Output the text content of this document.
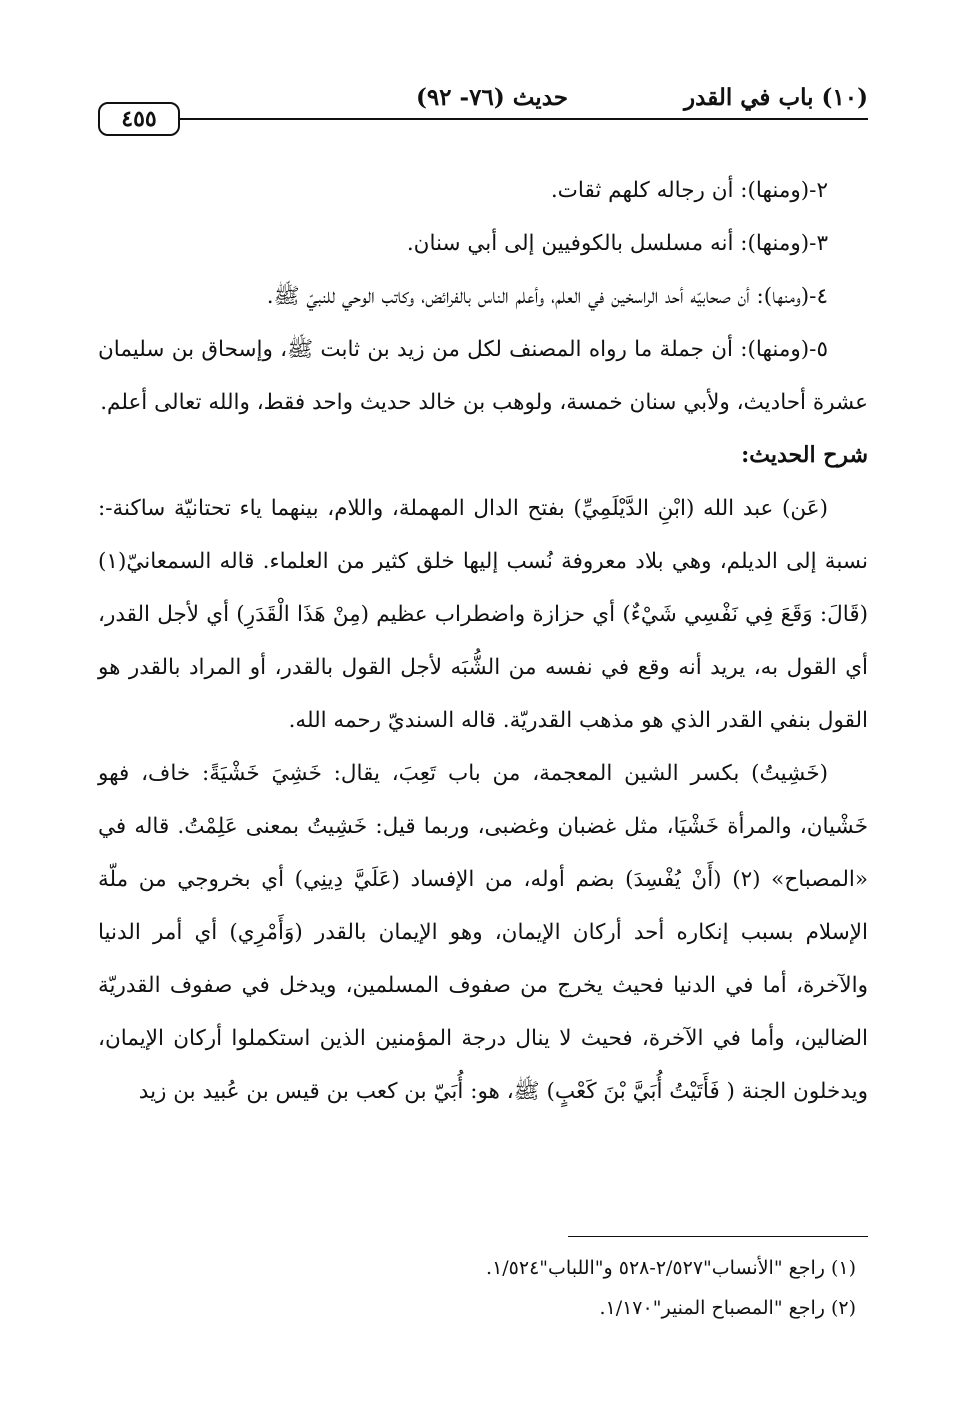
(١٠) باب في القدر
حديث (٧٦- ٩٢)
٤٥٥

٢-(ومنها): أن رجاله كلهم ثقات.

٣-(ومنها): أنه مسلسل بالكوفيين إلى أبي سنان.

٤-(ومنها): أن صحابيّه أحد الراسخين في العلم، وأعلم الناس بالفرائض، وكاتب الوحي للنبيّ ﷺ.

٥-(ومنها): أن جملة ما رواه المصنف لكل من زيد بن ثابت ﷺ، وإسحاق بن سليمان عشرة أحاديث، ولأبي سنان خمسة، ولوهب بن خالد حديث واحد فقط، والله تعالى أعلم.

شرح الحديث:

(عَن) عبد الله (ابْنِ الدَّيْلَمِيِّ) بفتح الدال المهملة، واللام، بينهما ياء تحتانيّة ساكنة-: نسبة إلى الديلم، وهي بلاد معروفة نُسب إليها خلق كثير من العلماء. قاله السمعانيّ(١) (قَالَ: وَقَعَ فِي نَفْسِي شَيْءٌ) أي حزازة واضطراب عظيم (مِنْ هَذَا الْقَدَرِ) أي لأجل القدر، أي القول به، يريد أنه وقع في نفسه من الشُّبَه لأجل القول بالقدر، أو المراد بالقدر هو القول بنفي القدر الذي هو مذهب القدريّة. قاله السنديّ رحمه الله.

(خَشِيتُ) بكسر الشين المعجمة، من باب تَعِبَ، يقال: خَشِيَ خَشْيَةً: خاف، فهو خَشْيان، والمرأة خَشْيَا، مثل غضبان وغضبى، وربما قيل: خَشِيتُ بمعنى عَلِمْتُ. قاله في «المصباح» (٢) (أَنْ يُفْسِدَ) بضم أوله، من الإفساد (عَلَيَّ دِينِي) أي بخروجي من ملّة الإسلام بسبب إنكاره أحد أركان الإيمان، وهو الإيمان بالقدر (وَأَمْرِي) أي أمر الدنيا والآخرة، أما في الدنيا فحيث يخرج من صفوف المسلمين، ويدخل في صفوف القدريّة الضالين، وأما في الآخرة، فحيث لا ينال درجة المؤمنين الذين استكملوا أركان الإيمان، ويدخلون الجنة ( فَأَتَيْتُ أُبَيَّ بْنَ كَعْبٍ) ﷺ، هو: أُبَيّ بن كعب بن قيس بن عُبيد بن زيد

(١) راجع "الأنساب"٢/٥٢٧-٥٢٨ و"اللباب"١/٥٢٤.

(٢) راجع "المصباح المنير"١/١٧٠.
